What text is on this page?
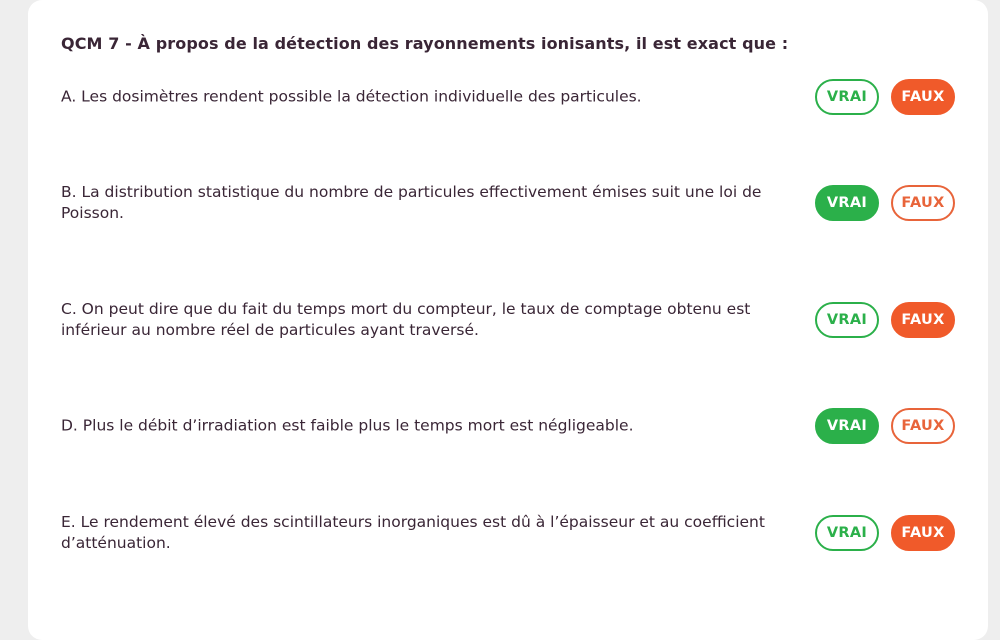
QCM 7 - À propos de la détection des rayonnements ionisants, il est exact que :
A. Les dosimètres rendent possible la détection individuelle des particules.	VRAI	FAUX
B. La distribution statistique du nombre de particules effectivement émises suit une loi de Poisson.
VRAI	FAUX
C. On peut dire que du fait du temps mort du compteur, le taux de comptage obtenu est inférieur au nombre réel de particules ayant traversé.
VRAI	FAUX
D. Plus le débit d’irradiation est faible plus le temps mort est négligeable.	VRAI	FAUX
E. Le rendement élevé des scintillateurs inorganiques est dû à l’épaisseur et au coefficient d’atténuation.
VRAI	FAUX
